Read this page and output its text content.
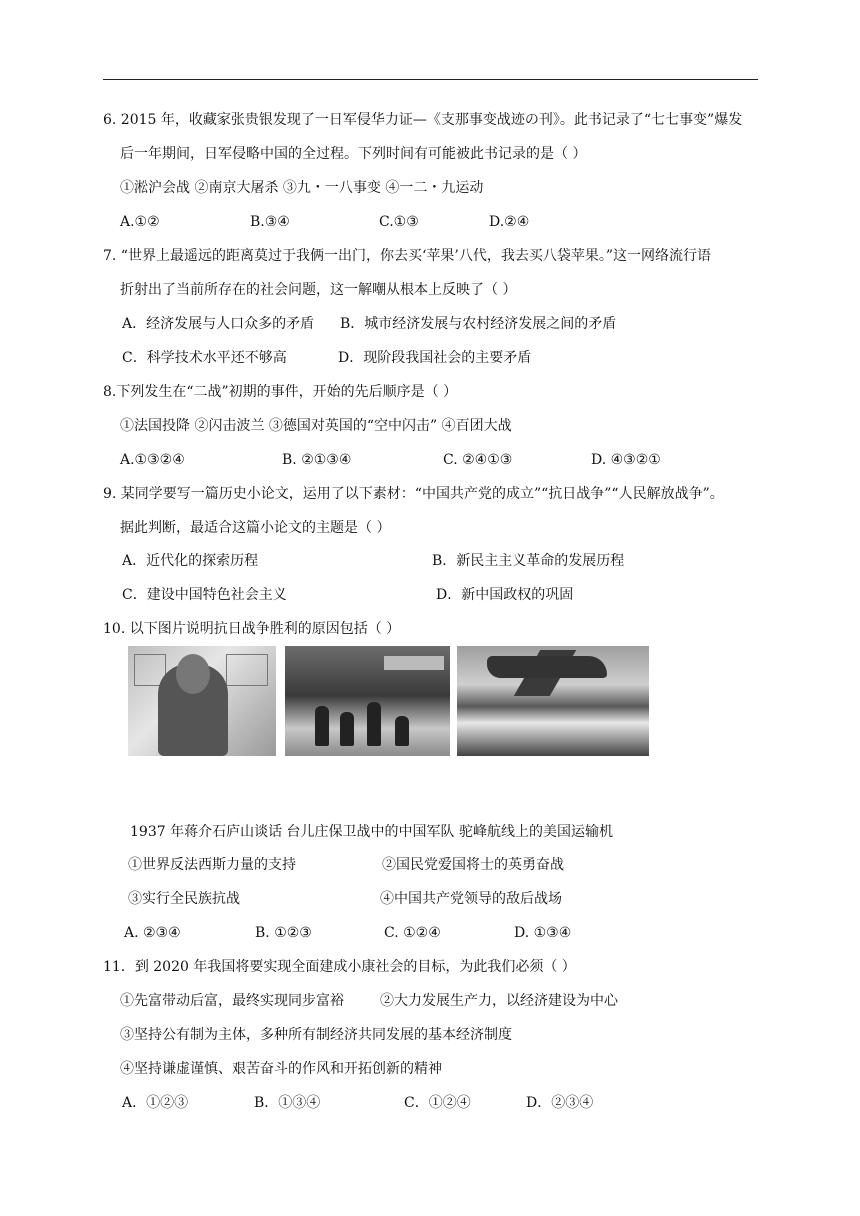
6. 2015 年，收藏家张贵银发现了一日军侵华力证—《支那事变战迹の刊》。此书记录了“七七事变”爆发
后一年期间，日军侵略中国的全过程。下列时间有可能被此书记录的是（ ）
①淞沪会战 ②南京大屠杀 ③九・一八事变 ④一二・九运动
A.①②	B.③④	C.①③	D.②④
7. “世界上最遥远的距离莫过于我俩一出门，你去买‘苹果’八代，我去买八袋苹果。”这一网络流行语
折射出了当前所存在的社会问题，这一解嘲从根本上反映了（ ）
A．经济发展与人口众多的矛盾 B．城市经济发展与农村经济发展之间的矛盾
C．科学技术水平还不够高	D．现阶段我国社会的主要矛盾
8.下列发生在“二战”初期的事件，开始的先后顺序是（ ）
①法国投降 ②闪击波兰 ③德国对英国的“空中闪击” ④百团大战
A.①③②④	B. ②①③④	C. ②④①③	D. ④③②①
9. 某同学要写一篇历史小论文，运用了以下素材：“中国共产党的成立”“抗日战争”“人民解放战争”。
据此判断，最适合这篇小论文的主题是（ ）
A．近代化的探索历程	B．新民主主义革命的发展历程
C．建设中国特色社会主义	D．新中国政权的巩固
10. 以下图片说明抗日战争胜利的原因包括（ ）
1937 年蒋介石庐山谈话 台儿庄保卫战中的中国军队 驼峰航线上的美国运输机
①世界反法西斯力量的支持	②国民党爱国将士的英勇奋战
③实行全民族抗战	④中国共产党领导的敌后战场
A. ②③④	B. ①②③	C. ①②④	D. ①③④
11．到 2020 年我国将要实现全面建成小康社会的目标，为此我们必须（ ）
①先富带动后富，最终实现同步富裕	②大力发展生产力，以经济建设为中心
③坚持公有制为主体，多种所有制经济共同发展的基本经济制度
④坚持谦虚谨慎、艰苦奋斗的作风和开拓创新的精神
A．①②③	B．①③④	C．①②④	D．②③④
